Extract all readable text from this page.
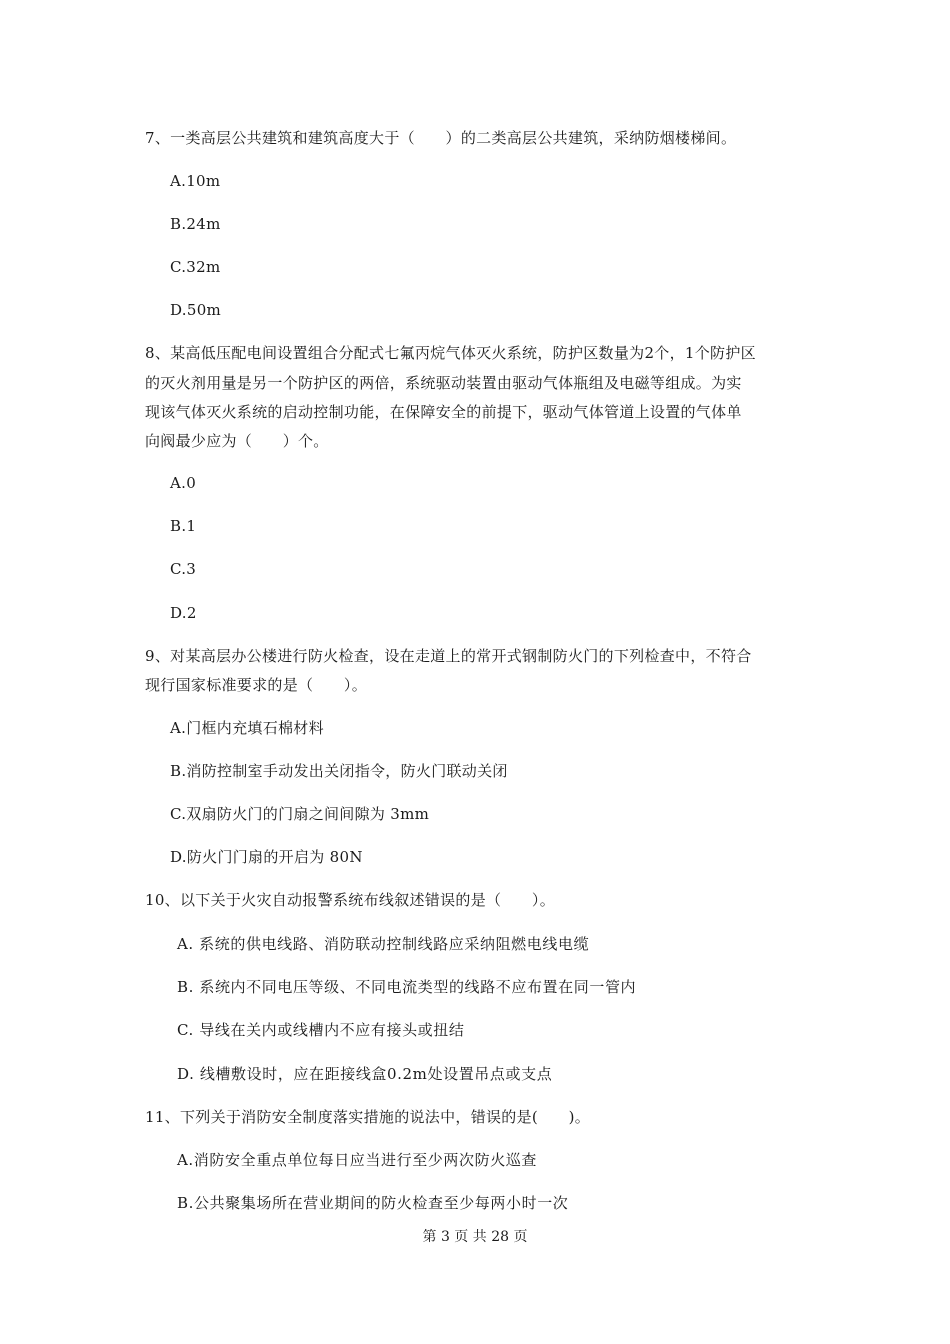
7、一类高层公共建筑和建筑高度大于（　　）的二类高层公共建筑，采纳防烟楼梯间。
A.10m
B.24m
C.32m
D.50m
8、某高低压配电间设置组合分配式七氟丙烷气体灭火系统，防护区数量为2个，1个防护区
的灭火剂用量是另一个防护区的两倍，系统驱动装置由驱动气体瓶组及电磁等组成。为实
现该气体灭火系统的启动控制功能，在保障安全的前提下，驱动气体管道上设置的气体单
向阀最少应为（　　）个。
A.0
B.1
C.3
D.2
9、对某高层办公楼进行防火检查，设在走道上的常开式钢制防火门的下列检查中，不符合
现行国家标准要求的是（　　）。
A.门框内充填石棉材料
B.消防控制室手动发出关闭指令，防火门联动关闭
C.双扇防火门的门扇之间间隙为 3mm
D.防火门门扇的开启为 80N
10、以下关于火灾自动报警系统布线叙述错误的是（　　）。
A. 系统的供电线路、消防联动控制线路应采纳阻燃电线电缆
B. 系统内不同电压等级、不同电流类型的线路不应布置在同一管内
C. 导线在关内或线槽内不应有接头或扭结
D. 线槽敷设时，应在距接线盒0.2m处设置吊点或支点
11、下列关于消防安全制度落实措施的说法中，错误的是(　　)。
A.消防安全重点单位每日应当进行至少两次防火巡查
B.公共聚集场所在营业期间的防火检查至少每两小时一次
第 3 页 共 28 页
